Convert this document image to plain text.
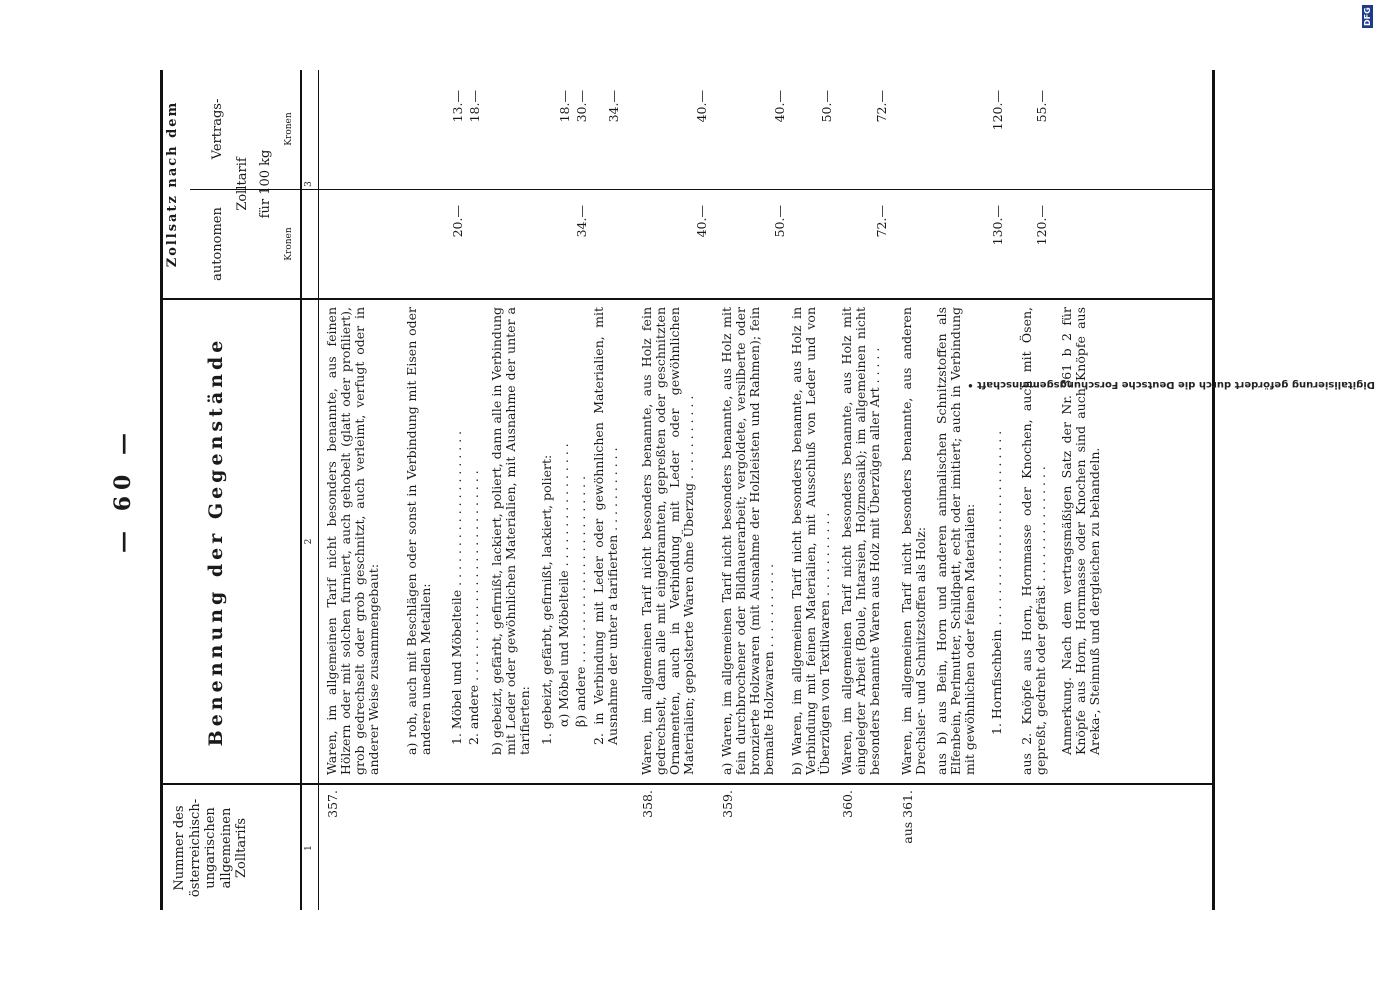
— 60 —
Nummer des österreichisch-ungarischen allgemeinen Zolltarifs
Benennung der Gegenstände
Zollsatz nach dem autonomen
Vertrags-
Zolltarif für 100 kg
Kronen
Kronen
1
2
3
Digitalisierung gefördert durch die Deutsche Forschungsgemeinschaft •
DFG
357.
Waren, im allgemeinen Tarif nicht besonders benannte, aus feinen Hölzern oder mit solchen furniert, auch gehobelt (glatt oder profiliert), grob gedrechselt oder grob geschnitzt, auch verleimt, verfugt oder in anderer Weise zusammengebaut: a) roh, auch mit Beschlägen oder sonst in Verbindung mit Eisen oder anderen unedlen Metallen: 1. Möbel und Möbelteile . . . . . . . . . . . . . . . . . . . .
20.—
13.—
2. andere . . . . . . . . . . . . . . . . . . . . . . . . . . .
18.—
b) gebeizt, gefärbt, gefirnißt, lackiert, poliert, dann alle in Verbindung mit Leder oder gewöhnlichen Materialien, mit Ausnahme der unter a tarifierten: 1. gebeizt, gefärbt, gefirnißt, lackiert, poliert: α) Möbel und Möbelteile . . . . . . . . . . . . . . . .
18.—
β) andere . . . . . . . . . . . . . . . . . . . . . . . .
34.—
30.—
2. in Verbindung mit Leder oder gewöhnlichen Materialien, mit Ausnahme der unter a tarifierten . . . . . . . . . . .
34.—
358.
Waren, im allgemeinen Tarif nicht besonders benannte, aus Holz fein gedrechselt, dann alle mit eingebrannten, gepreßten oder geschnitzten Ornamenten, auch in Verbindung mit Leder oder gewöhnlichen Materialien; gepolsterte Waren ohne Überzug . . . . . . . . . . .
40.—
40.—
359.
a) Waren, im allgemeinen Tarif nicht besonders benannte, aus Holz mit fein durchbrochener oder Bildhauerarbeit; vergoldete, versilberte oder bronzierte Holzwaren (mit Ausnahme der Holzleisten und Rahmen); fein bemalte Holzwaren . . . . . . . . . . .
50.—
40.—
b) Waren, im allgemeinen Tarif nicht besonders benannte, aus Holz in Verbindung mit feinen Materialien, mit Ausschluß von Leder und von Überzügen von Textilwaren . . . . . . . . . . .
50.—
360.
Waren, im allgemeinen Tarif nicht besonders benannte, aus Holz mit eingelegter Arbeit (Boule, Intarsien, Holzmosaik); im allgemeinen nicht besonders benannte Waren aus Holz mit Überzügen aller Art . . . . .
72.—
72.—
aus 361.
Waren, im allgemeinen Tarif nicht besonders benannte, aus anderen Drechsler- und Schnitzstoffen als Holz: aus b) aus Bein, Horn und anderen animalischen Schnitzstoffen als Elfenbein, Perlmutter, Schildpatt, echt oder imitiert; auch in Verbindung mit gewöhnlichen oder feinen Materialien: 1. Hornfischbein . . . . . . . . . . . . . . . . . . . . . . . . .
130.—
120.—
aus 2. Knöpfe aus Horn, Hornmasse oder Knochen, auch mit Ösen, gepreßt, gedreht oder gefräst . . . . . . . . . . . . . . .
120.—
55.—
Anmerkung. Nach dem vertragsmäßigen Satz der Nr. 361 b 2 für Knöpfe aus Horn, Hornmasse oder Knochen sind auch Knöpfe aus Areka-, Steinnuß und dergleichen zu behandeln.
